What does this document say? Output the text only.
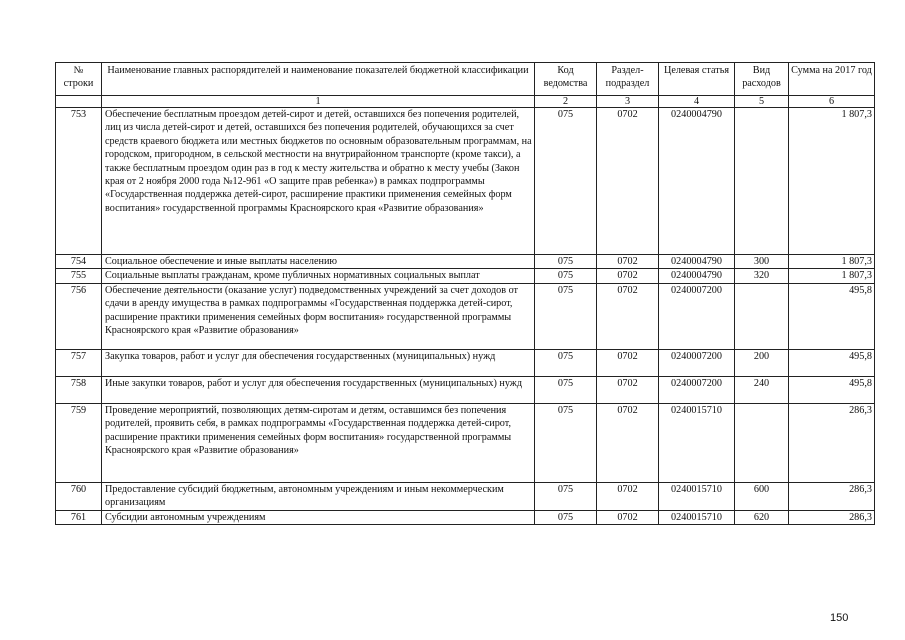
№ строки	Наименование главных распорядителей и наименование показателей бюджетной классификации	Код ведомства	Раздел-подраздел	Целевая статья	Вид расходов	Сумма на 2017 год
	1	2	3	4	5	6
753	Обеспечение бесплатным проездом детей-сирот и детей, оставшихся без попечения родителей, лиц из числа детей-сирот и детей, оставшихся без попечения родителей, обучающихся за счет средств краевого бюджета или местных бюджетов по основным образовательным программам, на городском, пригородном, в сельской местности на внутрирайонном транспорте (кроме такси), а также бесплатным проездом один раз в год к месту жительства и обратно к месту учебы (Закон края от 2 ноября 2000 года №12-961 «О защите прав ребенка») в рамках подпрограммы «Государственная поддержка детей-сирот, расширение практики применения семейных форм воспитания» государственной программы Красноярского края «Развитие образования»	075	0702	0240004790		1 807,3
754	Социальное обеспечение и иные выплаты населению	075	0702	0240004790	300	1 807,3
755	Социальные выплаты гражданам, кроме публичных нормативных социальных выплат	075	0702	0240004790	320	1 807,3
756	Обеспечение деятельности (оказание услуг) подведомственных учреждений за счет доходов от сдачи в аренду имущества в рамках подпрограммы «Государственная поддержка детей-сирот, расширение практики применения семейных форм воспитания» государственной программы Красноярского края «Развитие образования»	075	0702	0240007200		495,8
757	Закупка товаров, работ и услуг для обеспечения государственных (муниципальных) нужд	075	0702	0240007200	200	495,8
758	Иные закупки товаров, работ и услуг для обеспечения государственных (муниципальных) нужд	075	0702	0240007200	240	495,8
759	Проведение мероприятий, позволяющих детям-сиротам и детям, оставшимся без попечения родителей, проявить себя, в рамках подпрограммы «Государственная поддержка детей-сирот, расширение практики применения семейных форм воспитания» государственной программы Красноярского края «Развитие образования»	075	0702	0240015710		286,3
760	Предоставление субсидий бюджетным, автономным учреждениям и иным некоммерческим организациям	075	0702	0240015710	600	286,3
761	Субсидии автономным учреждениям	075	0702	0240015710	620	286,3
150
